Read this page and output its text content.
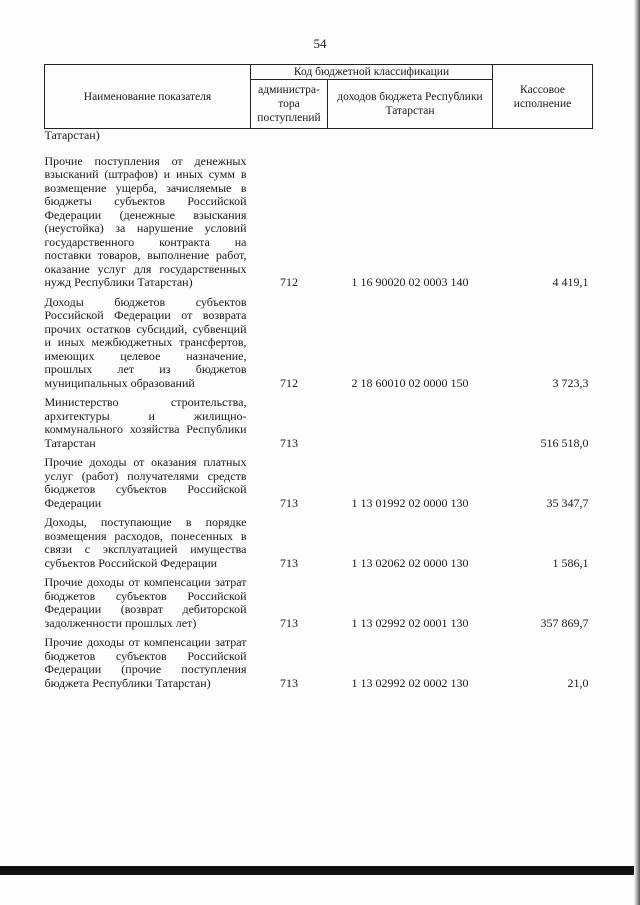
54
Наименование показателя	Код бюджетной классификации		Кассовое исполнение
	администра-тора поступлений	доходов бюджета Республики Татарстан	
Татарстан)			
Прочие поступления от денежных взысканий (штрафов) и иных сумм в возмещение ущерба, зачисляемые в бюджеты субъектов Российской Федерации (денежные взыскания (неустойка) за нарушение условий государственного контракта на поставки товаров, выполнение работ, оказание услуг для государственных нужд Республики Татарстан)	712	1 16 90020 02 0003 140	4 419,1
Доходы бюджетов субъектов Российской Федерации от возврата прочих остатков субсидий, субвенций и иных межбюджетных трансфертов, имеющих целевое назначение, прошлых лет из бюджетов муниципальных образований	712	2 18 60010 02 0000 150	3 723,3
Министерство строительства, архитектуры и жилищно-коммунального хозяйства Республики Татарстан	713		516 518,0
Прочие доходы от оказания платных услуг (работ) получателями средств бюджетов субъектов Российской Федерации	713	1 13 01992 02 0000 130	35 347,7
Доходы, поступающие в порядке возмещения расходов, понесенных в связи с эксплуатацией имущества субъектов Российской Федерации	713	1 13 02062 02 0000 130	1 586,1
Прочие доходы от компенсации затрат бюджетов субъектов Российской Федерации (возврат дебиторской задолженности прошлых лет)	713	1 13 02992 02 0001 130	357 869,7
Прочие доходы от компенсации затрат бюджетов субъектов Российской Федерации (прочие поступления бюджета Республики Татарстан)	713	1 13 02992 02 0002 130	21,0
